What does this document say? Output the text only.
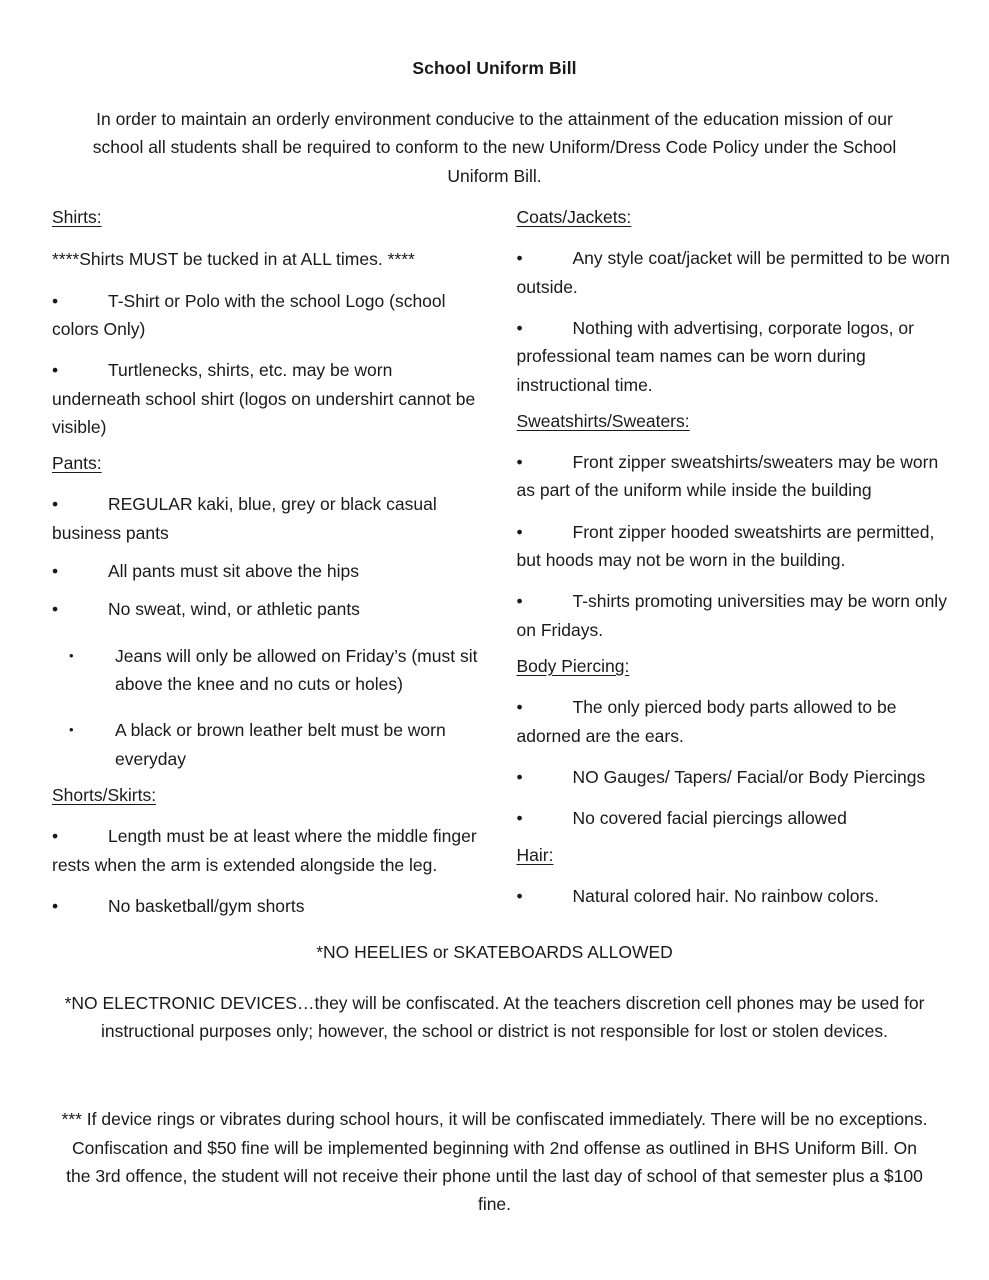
School Uniform Bill

In order to maintain an orderly environment conducive to the attainment of the education mission of our school all students shall be required to conform to the new Uniform/Dress Code Policy under the School Uniform Bill.

Shirts:

****Shirts MUST be tucked in at ALL times. ****

•T-Shirt or Polo with the school Logo (school colors Only)

•Turtlenecks, shirts, etc. may be worn underneath school shirt (logos on undershirt cannot be visible)

Pants:

•REGULAR kaki, blue, grey or black casual business pants

•All pants must sit above the hips

•No sweat, wind, or athletic pants

•Jeans will only be allowed on Friday’s (must sit above the knee and no cuts or holes)

•A black or brown leather belt must be worn everyday

Shorts/Skirts:

•Length must be at least where the middle finger rests when the arm is extended alongside the leg.

•No basketball/gym shorts

Coats/Jackets:

•Any style coat/jacket will be permitted to be worn outside.

•Nothing with advertising, corporate logos, or professional team names can be worn during instructional time.

Sweatshirts/Sweaters:

•Front zipper sweatshirts/sweaters may be worn as part of the uniform while inside the building

•Front zipper hooded sweatshirts are permitted, but hoods may not be worn in the building.

•T-shirts promoting universities may be worn only on Fridays.

Body Piercing:

•The only pierced body parts allowed to be adorned are the ears.

•NO Gauges/ Tapers/ Facial/or Body Piercings

•No covered facial piercings allowed

Hair:

•Natural colored hair. No rainbow colors.

*NO HEELIES or SKATEBOARDS ALLOWED

*NO ELECTRONIC DEVICES…they will be confiscated. At the teachers discretion cell phones may be used for instructional purposes only; however, the school or district is not responsible for lost or stolen devices.

*** If device rings or vibrates during school hours, it will be confiscated immediately. There will be no exceptions. Confiscation and $50 fine will be implemented beginning with 2nd offense as outlined in BHS Uniform Bill. On the 3rd offence, the student will not receive their phone until the last day of school of that semester plus a $100 fine.
